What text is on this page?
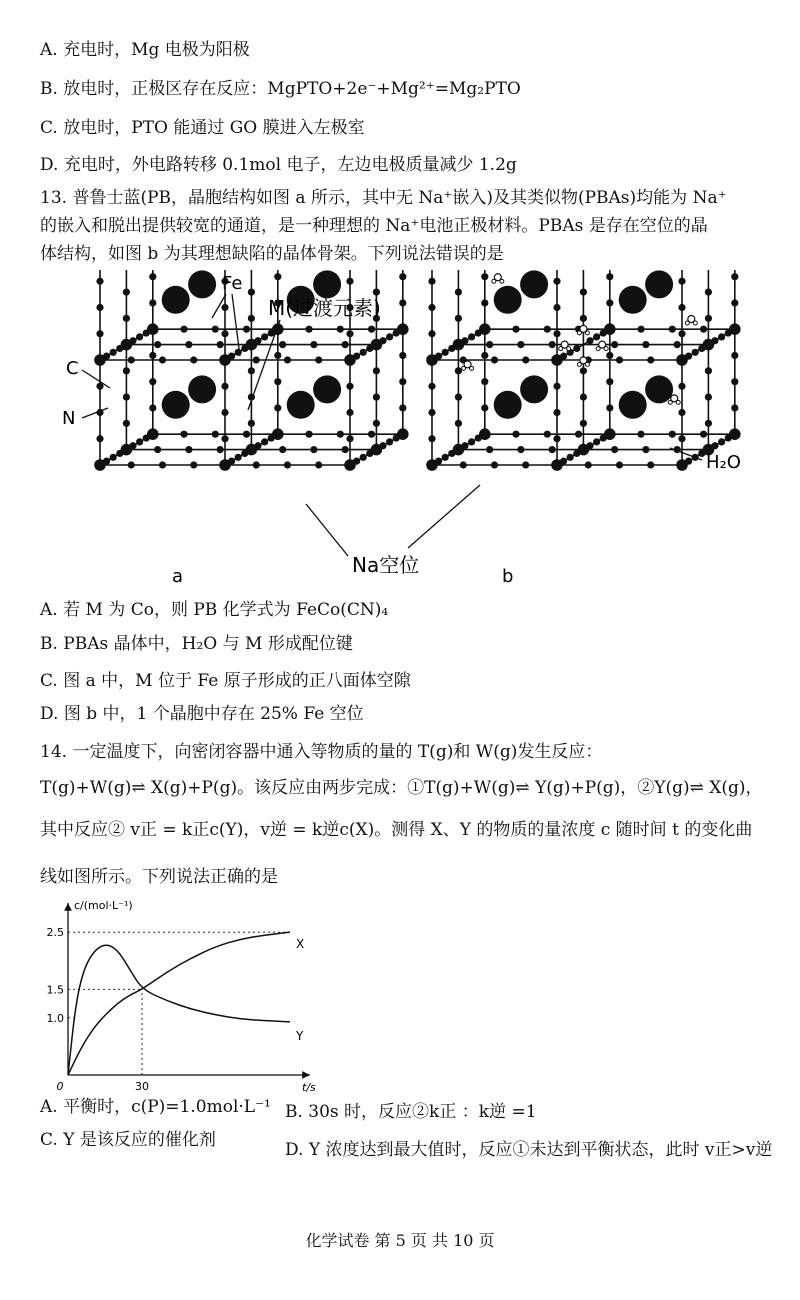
A. 充电时，Mg 电极为阳极
B. 放电时，正极区存在反应：MgPTO+2e⁻+Mg²⁺=Mg₂PTO
C. 放电时，PTO 能通过 GO 膜进入左极室
D. 充电时，外电路转移 0.1mol 电子，左边电极质量减少 1.2g
13. 普鲁士蓝(PB，晶胞结构如图 a 所示，其中无 Na⁺嵌入)及其类似物(PBAs)均能为 Na⁺
的嵌入和脱出提供较宽的通道，是一种理想的 Na⁺电池正极材料。PBAs 是存在空位的晶
体结构，如图 b 为其理想缺陷的晶体骨架。下列说法错误的是
Fe
M(过渡元素)
C
N
Na空位
a
H₂O
b
A. 若 M 为 Co，则 PB 化学式为 FeCo(CN)₄
B. PBAs 晶体中，H₂O 与 M 形成配位键
C. 图 a 中，M 位于 Fe 原子形成的正八面体空隙
D. 图 b 中，1 个晶胞中存在 25% Fe 空位
14. 一定温度下，向密闭容器中通入等物质的量的 T(g)和 W(g)发生反应：
T(g)+W(g)⇌ X(g)+P(g)。该反应由两步完成：①T(g)+W(g)⇌ Y(g)+P(g)，②Y(g)⇌ X(g)，
其中反应② v正 = k正c(Y)，v逆 = k逆c(X)。测得 X、Y 的物质的量浓度 c 随时间 t 的变化曲
线如图所示。下列说法正确的是
1.0
1.5
2.5
0	30
X
Y
c/(mol·L⁻¹)
t/s
A. 平衡时，c(P)=1.0mol·L⁻¹ B. 30s 时，反应②k正 ：k逆 =1
C. Y 是该反应的催化剂	D. Y 浓度达到最大值时，反应①未达到平衡状态，此时 v正>v逆
化学试卷 第 5 页 共 10 页
